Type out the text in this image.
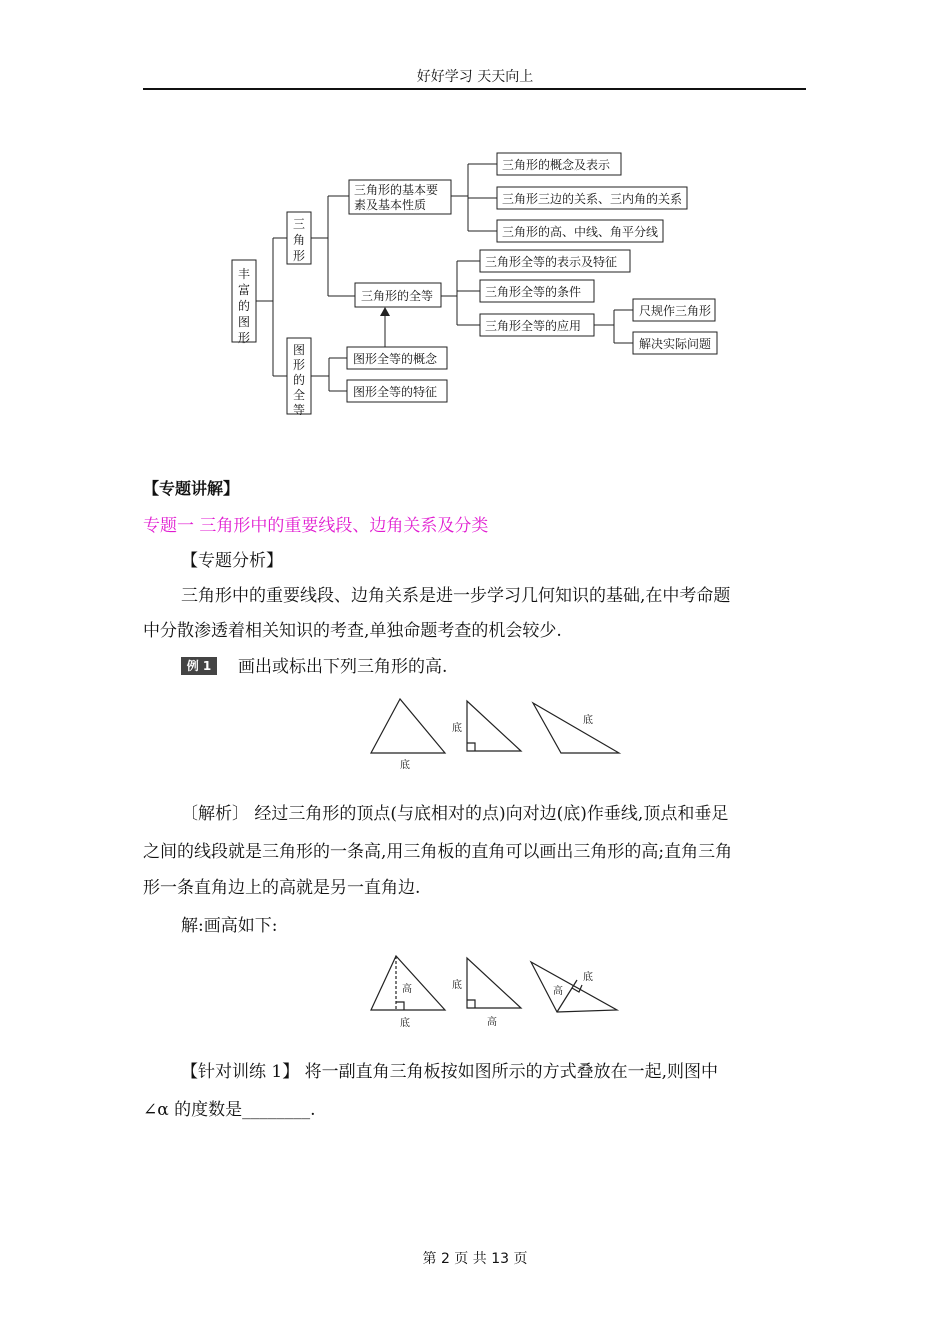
好好学习 天天向上
丰
富
的
图
形
三
角
形
图
形
的
全
等
三角形的基本要
素及基本性质
三角形的概念及表示
三角形三边的关系、三内角的关系
三角形的高、中线、角平分线
三角形的全等
三角形全等的表示及特征
三角形全等的条件
三角形全等的应用
尺规作三角形
解决实际问题
图形全等的概念
图形全等的特征
【专题讲解】
专题一 三角形中的重要线段、边角关系及分类
【专题分析】
三角形中的重要线段、边角关系是进一步学习几何知识的基础,在中考命题
中分散渗透着相关知识的考查,单独命题考查的机会较少.
例 1	画出或标出下列三角形的高.
底
底
底
〔解析〕 经过三角形的顶点(与底相对的点)向对边(底)作垂线,顶点和垂足
之间的线段就是三角形的一条高,用三角板的直角可以画出三角形的高;直角三角
形一条直角边上的高就是另一直角边.
解:画高如下:
高
底
底
高
高
底
【针对训练 1】 将一副直角三角板按如图所示的方式叠放在一起,则图中
∠α 的度数是________.
第 2 页 共 13 页
